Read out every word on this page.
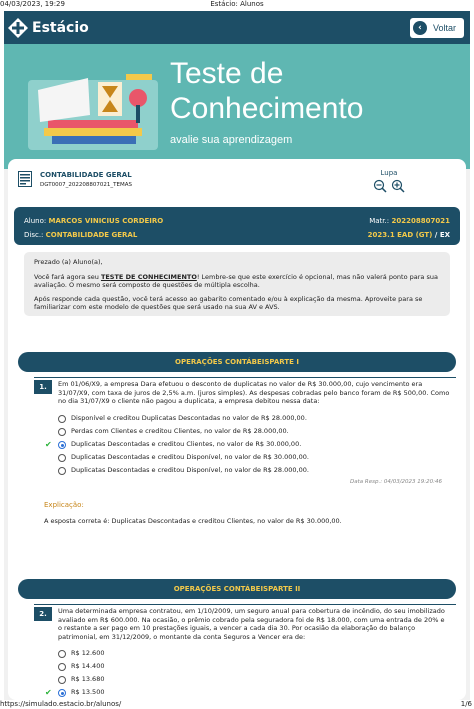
04/03/2023, 19:29	Estácio: Alunos
Estácio	‹	Voltar
Teste de
Conhecimento
avalie sua aprendizagem
CONTABILIDADE GERAL
DGT0007_202208807021_TEMAS
Lupa
Aluno: MARCOS VINICIUS CORDEIRO	Matr.: 202208807021
Disc.: CONTABILIDADE GERAL	2023.1 EAD (GT) / EX

Prezado (a) Aluno(a),

Você fará agora seu TESTE DE CONHECIMENTO! Lembre-se que este exercício é opcional, mas não valerá ponto para sua avaliação. O mesmo será composto de questões de múltipla escolha.

Após responde cada questão, você terá acesso ao gabarito comentado e/ou à explicação da mesma. Aproveite para se familiarizar com este modelo de questões que será usado na sua AV e AVS.

OPERAÇÕES CONTÁBEISPARTE I
1.	Em 01/06/X9, a empresa Dara efetuou o desconto de duplicatas no valor de R$ 30.000,00, cujo vencimento era 31/07/X9, com taxa de juros de 2,5% a.m. (juros simples). As despesas cobradas pelo banco foram de R$ 500,00. Como no dia 31/07/X9 o cliente não pagou a duplicata, a empresa debitou nessa data:
Disponível e creditou Duplicatas Descontadas no valor de R$ 28.000,00.
Perdas com Clientes e creditou Clientes, no valor de R$ 28.000,00.
✔	Duplicatas Descontadas e creditou Clientes, no valor de R$ 30.000,00.
Duplicatas Descontadas e creditou Disponível, no valor de R$ 30.000,00.
Duplicatas Descontadas e creditou Disponível, no valor de R$ 28.000,00.
Data Resp.: 04/03/2023 19:20:46
Explicação:
A esposta correta é: Duplicatas Descontadas e creditou Clientes, no valor de R$ 30.000,00.
OPERAÇÕES CONTÁBEISPARTE II
2.	Uma determinada empresa contratou, em 1/10/2009, um seguro anual para cobertura de incêndio, do seu imobilizado avaliado em R$ 600.000. Na ocasião, o prêmio cobrado pela seguradora foi de R$ 18.000, com uma entrada de 20% e o restante a ser pago em 10 prestações iguais, a vencer a cada dia 30. Por ocasião da elaboração do balanço patrimonial, em 31/12/2009, o montante da conta Seguros a Vencer era de:
R$ 12.600
R$ 14.400
R$ 13.680
✔	R$ 13.500
https://simulado.estacio.br/alunos/	1/6
